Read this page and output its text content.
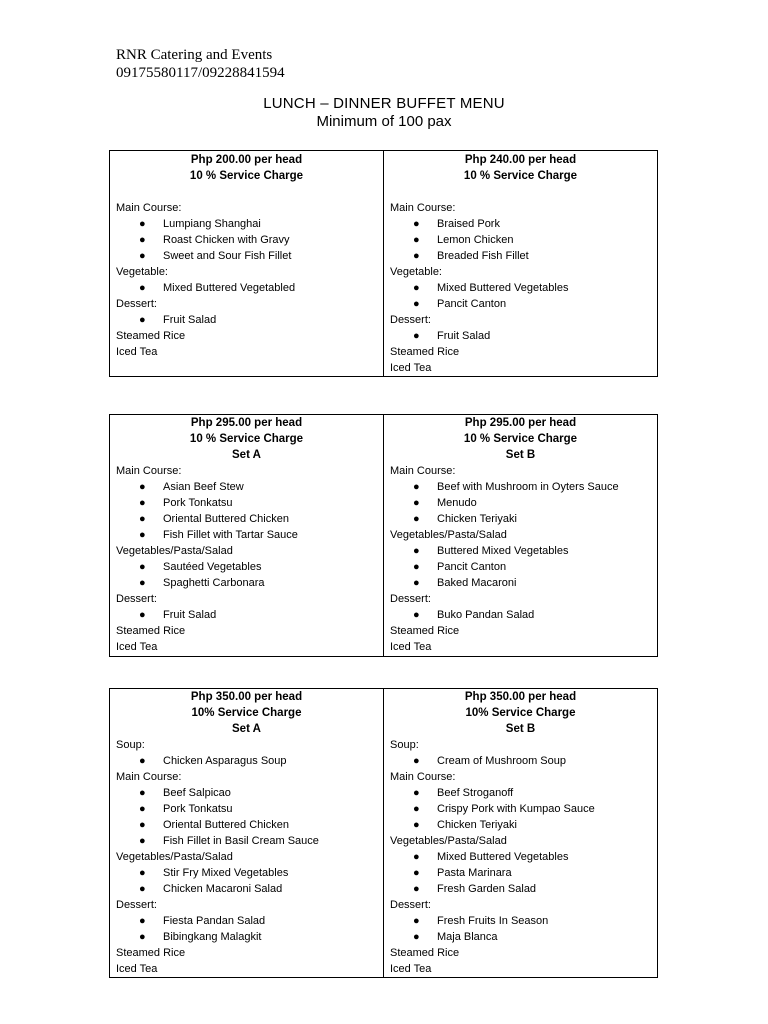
RNR Catering and Events
09175580117/09228841594
LUNCH – DINNER BUFFET MENU
Minimum of 100 pax
Php 200.00 per head
10 % Service Charge
Main Course:
● Lumpiang Shanghai
● Roast Chicken with Gravy
● Sweet and Sour Fish Fillet
Vegetable:
● Mixed Buttered Vegetabled
Dessert:
● Fruit Salad
Steamed Rice
Iced Tea
Php 240.00 per head
10 % Service Charge
Main Course:
● Braised Pork
● Lemon Chicken
● Breaded Fish Fillet
Vegetable:
● Mixed Buttered Vegetables
● Pancit Canton
Dessert:
● Fruit Salad
Steamed Rice
Iced Tea
Php 295.00 per head
10 % Service Charge
Set A
Main Course:
● Asian Beef Stew
● Pork Tonkatsu
● Oriental Buttered Chicken
● Fish Fillet with Tartar Sauce
Vegetables/Pasta/Salad
● Sautéed Vegetables
● Spaghetti Carbonara
Dessert:
● Fruit Salad
Steamed Rice
Iced Tea
Php 295.00 per head
10 % Service Charge
Set B
Main Course:
● Beef with Mushroom in Oyters Sauce
● Menudo
● Chicken Teriyaki
Vegetables/Pasta/Salad
● Buttered Mixed Vegetables
● Pancit Canton
● Baked Macaroni
Dessert:
● Buko Pandan Salad
Steamed Rice
Iced Tea
Php 350.00 per head
10% Service Charge
Set A
Soup:
● Chicken Asparagus Soup
Main Course:
● Beef Salpicao
● Pork Tonkatsu
● Oriental Buttered Chicken
● Fish Fillet in Basil Cream Sauce
Vegetables/Pasta/Salad
● Stir Fry Mixed Vegetables
● Chicken Macaroni Salad
Dessert:
● Fiesta Pandan Salad
● Bibingkang Malagkit
Steamed Rice
Iced Tea
Php 350.00 per head
10% Service Charge
Set B
Soup:
● Cream of Mushroom Soup
Main Course:
● Beef Stroganoff
● Crispy Pork with Kumpao Sauce
● Chicken Teriyaki
Vegetables/Pasta/Salad
● Mixed Buttered Vegetables
● Pasta Marinara
● Fresh Garden Salad
Dessert:
● Fresh Fruits In Season
● Maja Blanca
Steamed Rice
Iced Tea
